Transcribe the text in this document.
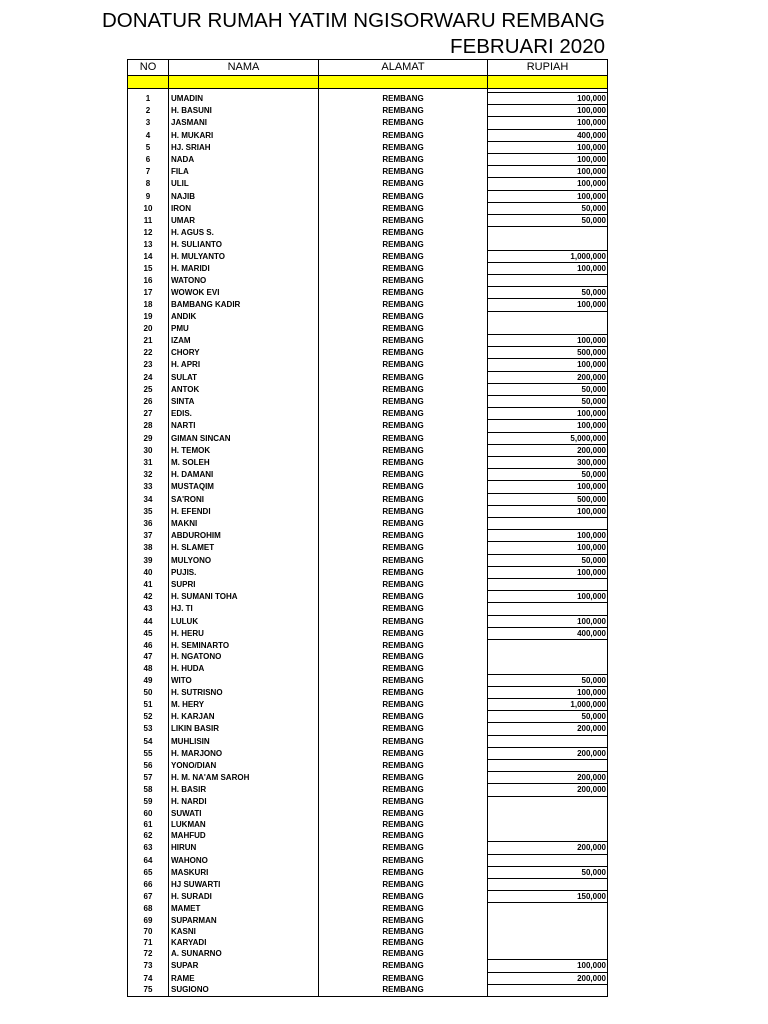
DONATUR RUMAH YATIM NGISORWARU REMBANG
FEBRUARI 2020
NO	NAMA	ALAMAT	RUPIAH

1	UMADIN	REMBANG	100,000
2	H. BASUNI	REMBANG	100,000
3	JASMANI	REMBANG	100,000
4	H. MUKARI	REMBANG	400,000
5	HJ. SRIAH	REMBANG	100,000
6	NADA	REMBANG	100,000
7	FILA	REMBANG	100,000
8	ULIL	REMBANG	100,000
9	NAJIB	REMBANG	100,000
10	IRON	REMBANG	50,000
11	UMAR	REMBANG	50,000
12	H. AGUS S.	REMBANG	
13	H. SULIANTO	REMBANG	
14	H. MULYANTO	REMBANG	1,000,000
15	H. MARIDI	REMBANG	100,000
16	WATONO	REMBANG	
17	WOWOK EVI	REMBANG	50,000
18	BAMBANG KADIR	REMBANG	100,000
19	ANDIK	REMBANG	
20	PMU	REMBANG	
21	IZAM	REMBANG	100,000
22	CHORY	REMBANG	500,000
23	H. APRI	REMBANG	100,000
24	SULAT	REMBANG	200,000
25	ANTOK	REMBANG	50,000
26	SINTA	REMBANG	50,000
27	EDIS.	REMBANG	100,000
28	NARTI	REMBANG	100,000
29	GIMAN SINCAN	REMBANG	5,000,000
30	H. TEMOK	REMBANG	200,000
31	M. SOLEH	REMBANG	300,000
32	H. DAMANI	REMBANG	50,000
33	MUSTAQIM	REMBANG	100,000
34	SA'RONI	REMBANG	500,000
35	H. EFENDI	REMBANG	100,000
36	MAKNI	REMBANG	
37	ABDUROHIM	REMBANG	100,000
38	H. SLAMET	REMBANG	100,000
39	MULYONO	REMBANG	50,000
40	PUJIS.	REMBANG	100,000
41	SUPRI	REMBANG	
42	H. SUMANI TOHA	REMBANG	100,000
43	HJ. TI	REMBANG	
44	LULUK	REMBANG	100,000
45	H. HERU	REMBANG	400,000
46	H. SEMINARTO	REMBANG	
47	H. NGATONO	REMBANG	
48	H. HUDA	REMBANG	
49	WITO	REMBANG	50,000
50	H. SUTRISNO	REMBANG	100,000
51	M. HERY	REMBANG	1,000,000
52	H. KARJAN	REMBANG	50,000
53	LIKIN BASIR	REMBANG	200,000
54	MUHLISIN	REMBANG	
55	H. MARJONO	REMBANG	200,000
56	YONO/DIAN	REMBANG	
57	H. M. NA'AM SAROH	REMBANG	200,000
58	H. BASIR	REMBANG	200,000
59	H. NARDI	REMBANG	
60	SUWATI	REMBANG	
61	LUKMAN	REMBANG	
62	MAHFUD	REMBANG	
63	HIRUN	REMBANG	200,000
64	WAHONO	REMBANG	
65	MASKURI	REMBANG	50,000
66	HJ SUWARTI	REMBANG	
67	H. SURADI	REMBANG	150,000
68	MAMET	REMBANG	
69	SUPARMAN	REMBANG	
70	KASNI	REMBANG	
71	KARYADI	REMBANG	
72	A. SUNARNO	REMBANG	
73	SUPAR	REMBANG	100,000
74	RAME	REMBANG	200,000
75	SUGIONO	REMBANG	
